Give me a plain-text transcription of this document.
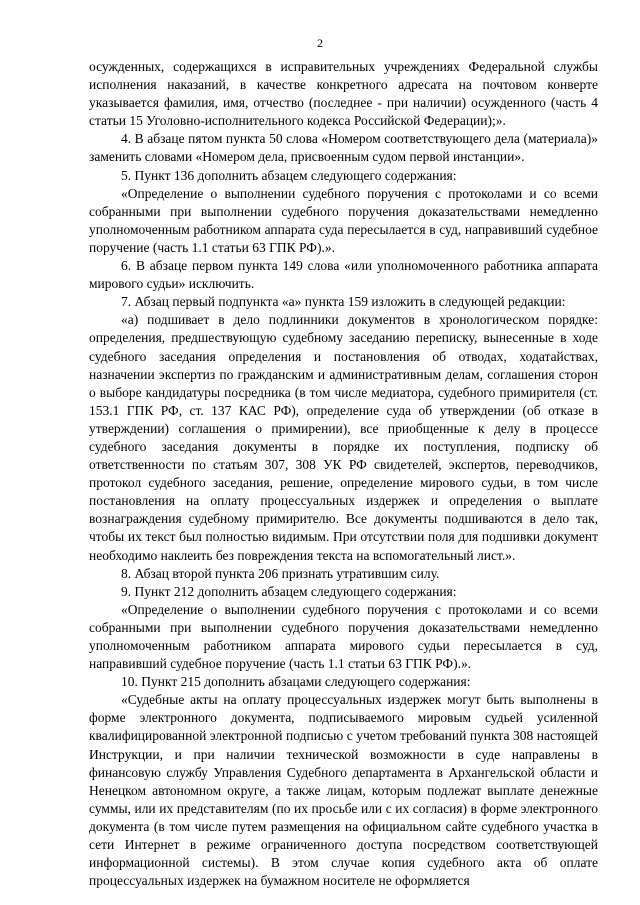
2

осужденных, содержащихся в исправительных учреждениях Федеральной службы исполнения наказаний, в качестве конкретного адресата на почтовом конверте указывается фамилия, имя, отчество (последнее - при наличии) осужденного (часть 4 статьи 15 Уголовно-исполнительного кодекса Российской Федерации);».

4. В абзаце пятом пункта 50 слова «Номером соответствующего дела (материала)» заменить словами «Номером дела, присвоенным судом первой инстанции».

5. Пункт 136 дополнить абзацем следующего содержания:

«Определение о выполнении судебного поручения с протоколами и со всеми собранными при выполнении судебного поручения доказательствами немедленно уполномоченным работником аппарата суда пересылается в суд, направивший судебное поручение (часть 1.1 статьи 63 ГПК РФ).».

6. В абзаце первом пункта 149 слова «или уполномоченного работника аппарата мирового судьи» исключить.

7. Абзац первый подпункта «а» пункта 159 изложить в следующей редакции:

«а) подшивает в дело подлинники документов в хронологическом порядке: определения, предшествующую судебному заседанию переписку, вынесенные в ходе судебного заседания определения и постановления об отводах, ходатайствах, назначении экспертиз по гражданским и административным делам, соглашения сторон о выборе кандидатуры посредника (в том числе медиатора, судебного примирителя (ст. 153.1 ГПК РФ, ст. 137 КАС РФ), определение суда об утверждении (об отказе в утверждении) соглашения о примирении), все приобщенные к делу в процессе судебного заседания документы в порядке их поступления, подписку об ответственности по статьям 307, 308 УК РФ свидетелей, экспертов, переводчиков, протокол судебного заседания, решение, определение мирового судьи, в том числе постановления на оплату процессуальных издержек и определения о выплате вознаграждения судебному примирителю. Все документы подшиваются в дело так, чтобы их текст был полностью видимым. При отсутствии поля для подшивки документ необходимо наклеить без повреждения текста на вспомогательный лист.».

8. Абзац второй пункта 206 признать утратившим силу.

9. Пункт 212 дополнить абзацем следующего содержания:

«Определение о выполнении судебного поручения с протоколами и со всеми собранными при выполнении судебного поручения доказательствами немедленно уполномоченным работником аппарата мирового судьи пересылается в суд, направивший судебное поручение (часть 1.1 статьи 63 ГПК РФ).».

10. Пункт 215 дополнить абзацами следующего содержания:

«Судебные акты на оплату процессуальных издержек могут быть выполнены в форме электронного документа, подписываемого мировым судьей усиленной квалифицированной электронной подписью с учетом требований пункта 308 настоящей Инструкции, и при наличии технической возможности в суде направлены в финансовую службу Управления Судебного департамента в Архангельской области и Ненецком автономном округе, а также лицам, которым подлежат выплате денежные суммы, или их представителям (по их просьбе или с их согласия) в форме электронного документа (в том числе путем размещения на официальном сайте судебного участка в сети Интернет в режиме ограниченного доступа посредством соответствующей информационной системы). В этом случае копия судебного акта об оплате процессуальных издержек на бумажном носителе не оформляется
